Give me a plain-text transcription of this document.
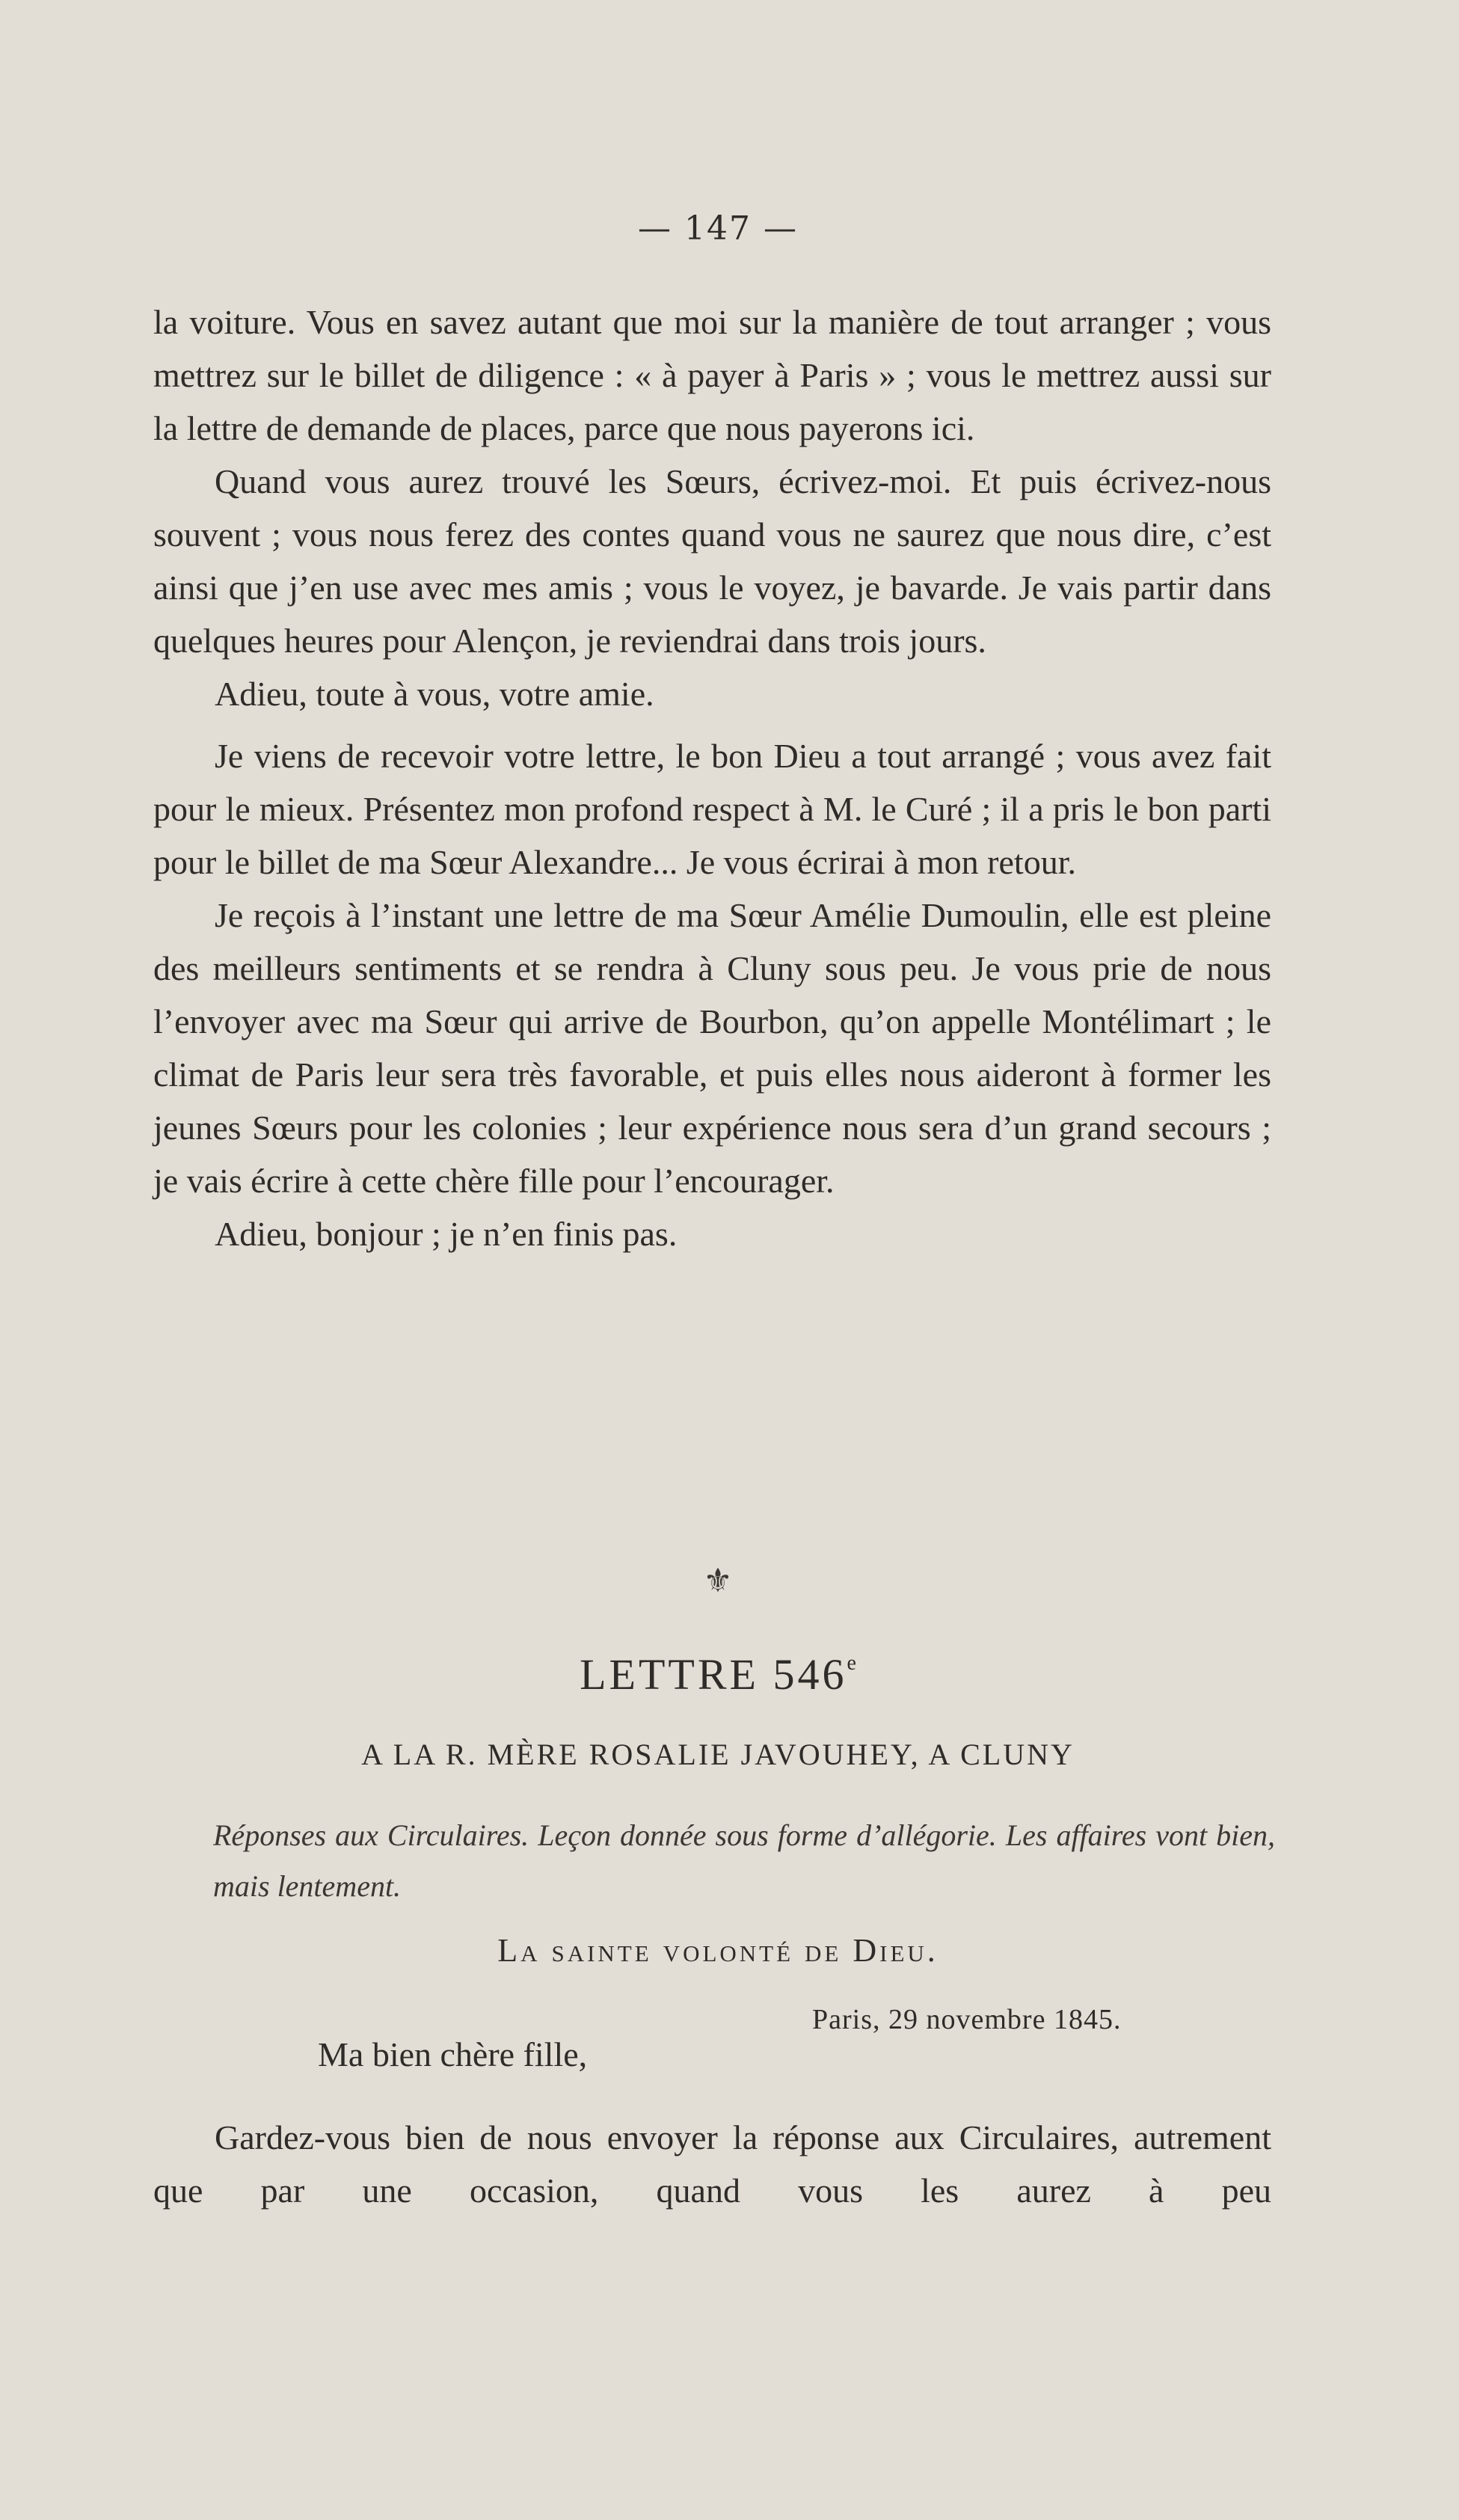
— 147 —

la voiture. Vous en savez autant que moi sur la manière de tout arranger ; vous mettrez sur le billet de diligence : « à payer à Paris » ; vous le mettrez aussi sur la lettre de demande de places, parce que nous payerons ici.

Quand vous aurez trouvé les Sœurs, écrivez-moi. Et puis écrivez-nous souvent ; vous nous ferez des contes quand vous ne saurez que nous dire, c’est ainsi que j’en use avec mes amis ; vous le voyez, je bavarde. Je vais partir dans quelques heures pour Alençon, je reviendrai dans trois jours.

Adieu, toute à vous, votre amie.

Je viens de recevoir votre lettre, le bon Dieu a tout arrangé ; vous avez fait pour le mieux. Présentez mon profond respect à M. le Curé ; il a pris le bon parti pour le billet de ma Sœur Alexandre... Je vous écrirai à mon retour.

Je reçois à l’instant une lettre de ma Sœur Amélie Dumoulin, elle est pleine des meilleurs sentiments et se rendra à Cluny sous peu. Je vous prie de nous l’envoyer avec ma Sœur qui arrive de Bourbon, qu’on appelle Montélimart ; le climat de Paris leur sera très favorable, et puis elles nous aideront à former les jeunes Sœurs pour les colonies ; leur expérience nous sera d’un grand secours ; je vais écrire à cette chère fille pour l’encourager.

Adieu, bonjour ; je n’en finis pas.

⚜
LETTRE 546e
A LA R. MÈRE ROSALIE JAVOUHEY, A CLUNY
Réponses aux Circulaires. Leçon donnée sous forme d’allégorie. Les affaires vont bien, mais lentement.
La sainte volonté de Dieu.
Paris, 29 novembre 1845.
Ma bien chère fille,

Gardez-vous bien de nous envoyer la réponse aux Circulaires, autrement que par une occasion, quand vous les aurez à peu
